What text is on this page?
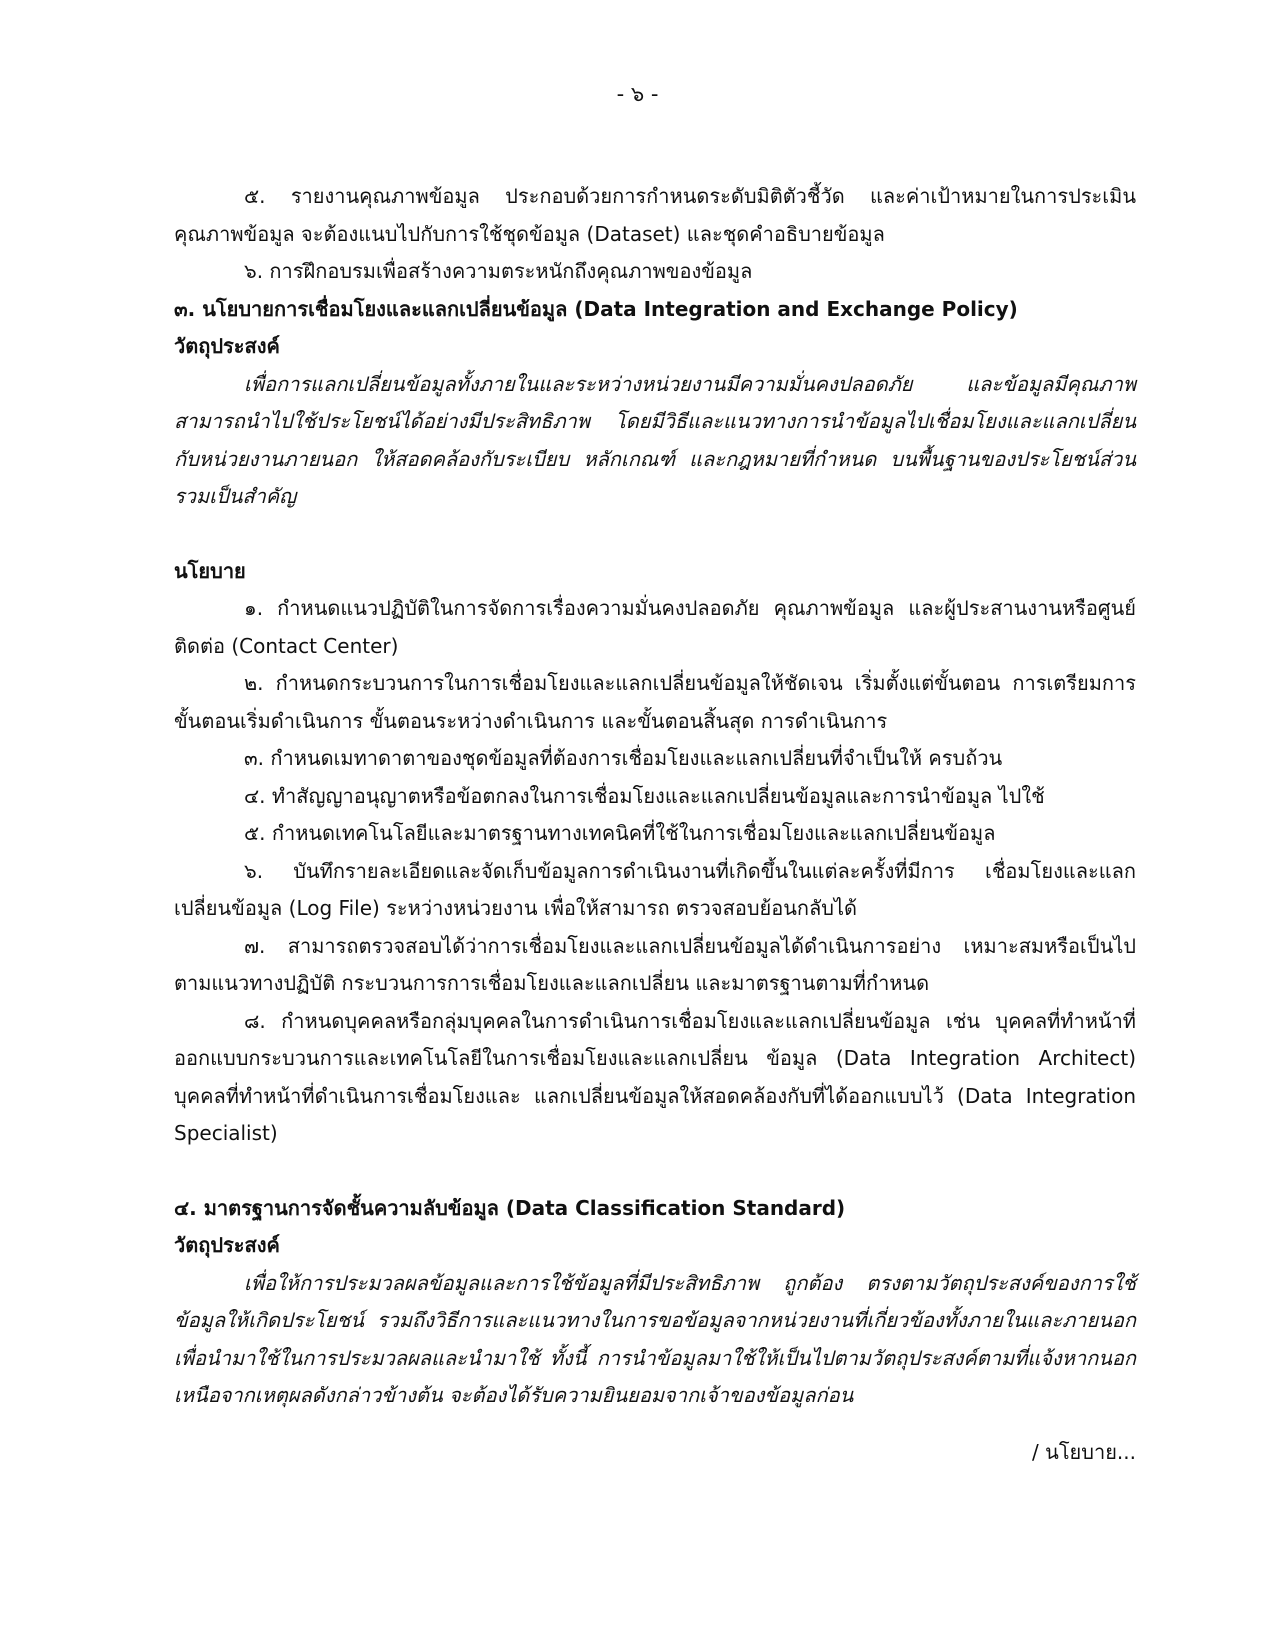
- ๖ -

๕. รายงานคุณภาพข้อมูล ประกอบด้วยการกำหนดระดับมิติตัวชี้วัด และค่าเป้าหมายในการประเมินคุณภาพข้อมูล จะต้องแนบไปกับการใช้ชุดข้อมูล (Dataset) และชุดคำอธิบายข้อมูล

๖. การฝึกอบรมเพื่อสร้างความตระหนักถึงคุณภาพของข้อมูล

๓. นโยบายการเชื่อมโยงและแลกเปลี่ยนข้อมูล (Data Integration and Exchange Policy)

วัตถุประสงค์

เพื่อการแลกเปลี่ยนข้อมูลทั้งภายในและระหว่างหน่วยงานมีความมั่นคงปลอดภัย และข้อมูลมีคุณภาพ สามารถนำไปใช้ประโยชน์ได้อย่างมีประสิทธิภาพ โดยมีวิธีและแนวทางการนำข้อมูลไปเชื่อมโยงและแลกเปลี่ยนกับหน่วยงานภายนอก ให้สอดคล้องกับระเบียบ หลักเกณฑ์ และกฎหมายที่กำหนด บนพื้นฐานของประโยชน์ส่วนรวมเป็นสำคัญ

นโยบาย

๑. กำหนดแนวปฏิบัติในการจัดการเรื่องความมั่นคงปลอดภัย คุณภาพข้อมูล และผู้ประสานงานหรือศูนย์ติดต่อ (Contact Center)

๒. กำหนดกระบวนการในการเชื่อมโยงและแลกเปลี่ยนข้อมูลให้ชัดเจน เริ่มตั้งแต่ขั้นตอน การเตรียมการ ขั้นตอนเริ่มดำเนินการ ขั้นตอนระหว่างดำเนินการ และขั้นตอนสิ้นสุด การดำเนินการ

๓. กำหนดเมทาดาตาของชุดข้อมูลที่ต้องการเชื่อมโยงและแลกเปลี่ยนที่จำเป็นให้ ครบถ้วน

๔. ทำสัญญาอนุญาตหรือข้อตกลงในการเชื่อมโยงและแลกเปลี่ยนข้อมูลและการนำข้อมูล ไปใช้

๕. กำหนดเทคโนโลยีและมาตรฐานทางเทคนิคที่ใช้ในการเชื่อมโยงและแลกเปลี่ยนข้อมูล

๖. บันทึกรายละเอียดและจัดเก็บข้อมูลการดำเนินงานที่เกิดขึ้นในแต่ละครั้งที่มีการ เชื่อมโยงและแลกเปลี่ยนข้อมูล (Log File) ระหว่างหน่วยงาน เพื่อให้สามารถ ตรวจสอบย้อนกลับได้

๗. สามารถตรวจสอบได้ว่าการเชื่อมโยงและแลกเปลี่ยนข้อมูลได้ดำเนินการอย่าง เหมาะสมหรือเป็นไปตามแนวทางปฏิบัติ กระบวนการการเชื่อมโยงและแลกเปลี่ยน และมาตรฐานตามที่กำหนด

๘. กำหนดบุคคลหรือกลุ่มบุคคลในการดำเนินการเชื่อมโยงและแลกเปลี่ยนข้อมูล เช่น บุคคลที่ทำหน้าที่ออกแบบกระบวนการและเทคโนโลยีในการเชื่อมโยงและแลกเปลี่ยน ข้อมูล (Data Integration Architect) บุคคลที่ทำหน้าที่ดำเนินการเชื่อมโยงและ แลกเปลี่ยนข้อมูลให้สอดคล้องกับที่ได้ออกแบบไว้ (Data Integration Specialist)

๔. มาตรฐานการจัดชั้นความลับข้อมูล (Data Classification Standard)

วัตถุประสงค์

เพื่อให้การประมวลผลข้อมูลและการใช้ข้อมูลที่มีประสิทธิภาพ ถูกต้อง ตรงตามวัตถุประสงค์ของการใช้ข้อมูลให้เกิดประโยชน์ รวมถึงวิธีการและแนวทางในการขอข้อมูลจากหน่วยงานที่เกี่ยวข้องทั้งภายในและภายนอก เพื่อนำมาใช้ในการประมวลผลและนำมาใช้ ทั้งนี้ การนำข้อมูลมาใช้ให้เป็นไปตามวัตถุประสงค์ตามที่แจ้งหากนอกเหนือจากเหตุผลดังกล่าวข้างต้น จะต้องได้รับความยินยอมจากเจ้าของข้อมูลก่อน

/ นโยบาย...
